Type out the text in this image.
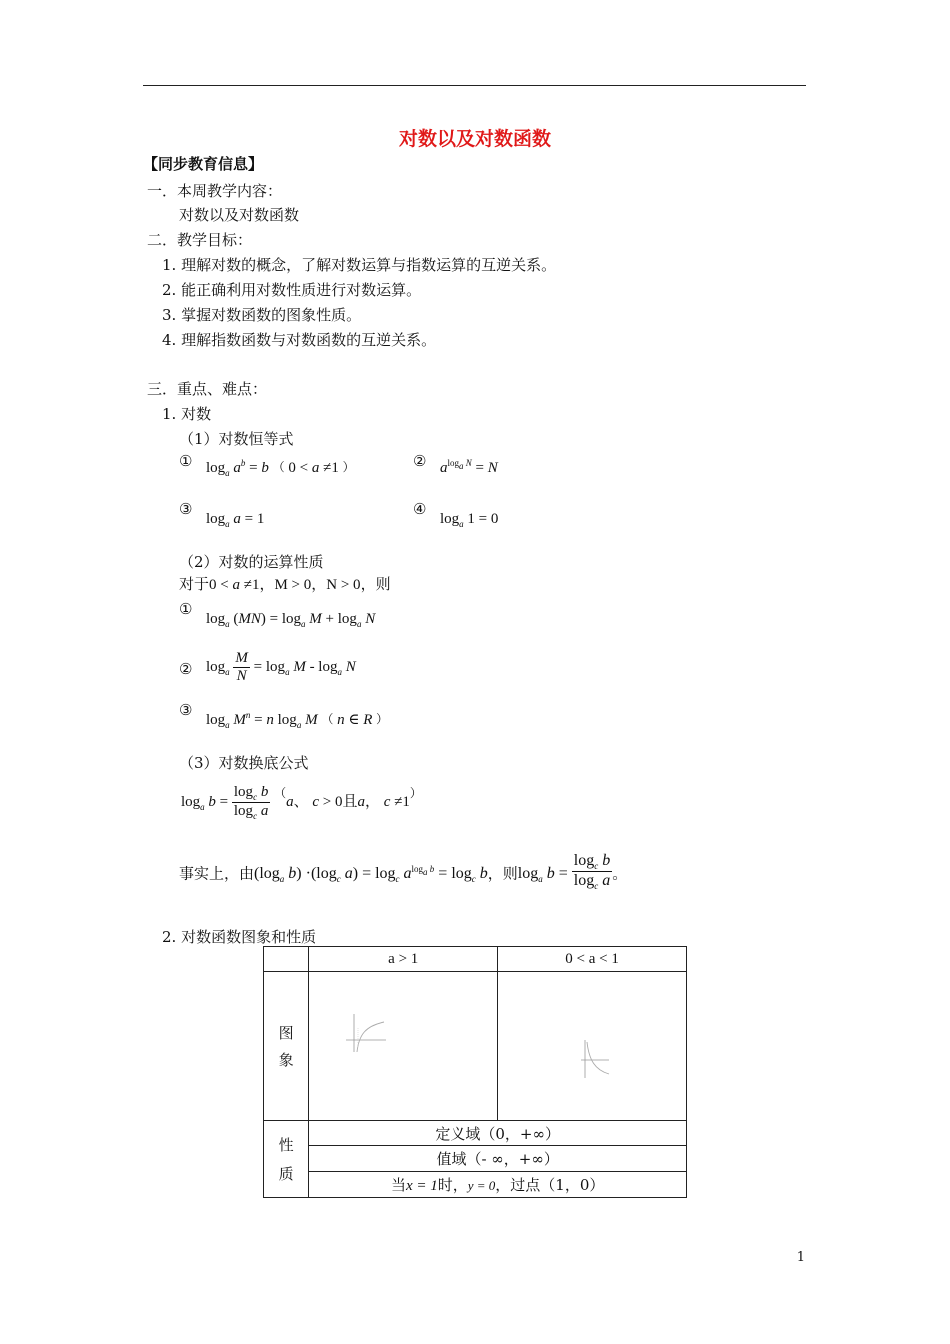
对数以及对数函数
【同步教育信息】
一．本周教学内容：
对数以及对数函数
二．教学目标：
1. 理解对数的概念，了解对数运算与指数运算的互逆关系。
2. 能正确利用对数性质进行对数运算。
3. 掌握对数函数的图象性质。
4. 理解指数函数与对数函数的互逆关系。
三．重点、难点：
1. 对数
（1）对数恒等式
① $\log_a a^b = b$ （ 0 < a ≠1 ）	② $a^{log_a N} = N$
③
$\log_a a = 1$
④
$\log_a 1 = 0$
（2）对数的运算性质
对于0 < a ≠1，M > 0，N > 0，则
①
$\log_a (MN) = \log_a M + \log_a N$
② $\log_a \frac{M}{N} = \log_a M - \log_a N$
③
$\log_a M^n = n$ $\log_a M$ （ n ∈ R ）
（3）对数换底公式
$\log_a b = \frac{\log_c b}{\log_c a} ^(a$、 c > 0且a， c ≠1）
事实上，由($\log_a$ $b) \cdot(\log_c$ $a) = \log_c a^{log_a b} = \log_c b$，则$\log_a b = \frac{\log_c b}{\log_c a}$ 。
2. 对数函数图象和性质
	a > 1	0 < a < 1

图
象

性
质	定义域（0，+∞）	
	值域（- ∞，+∞）	
	当x = 1时，y = 0，过点（1，0）	
1
